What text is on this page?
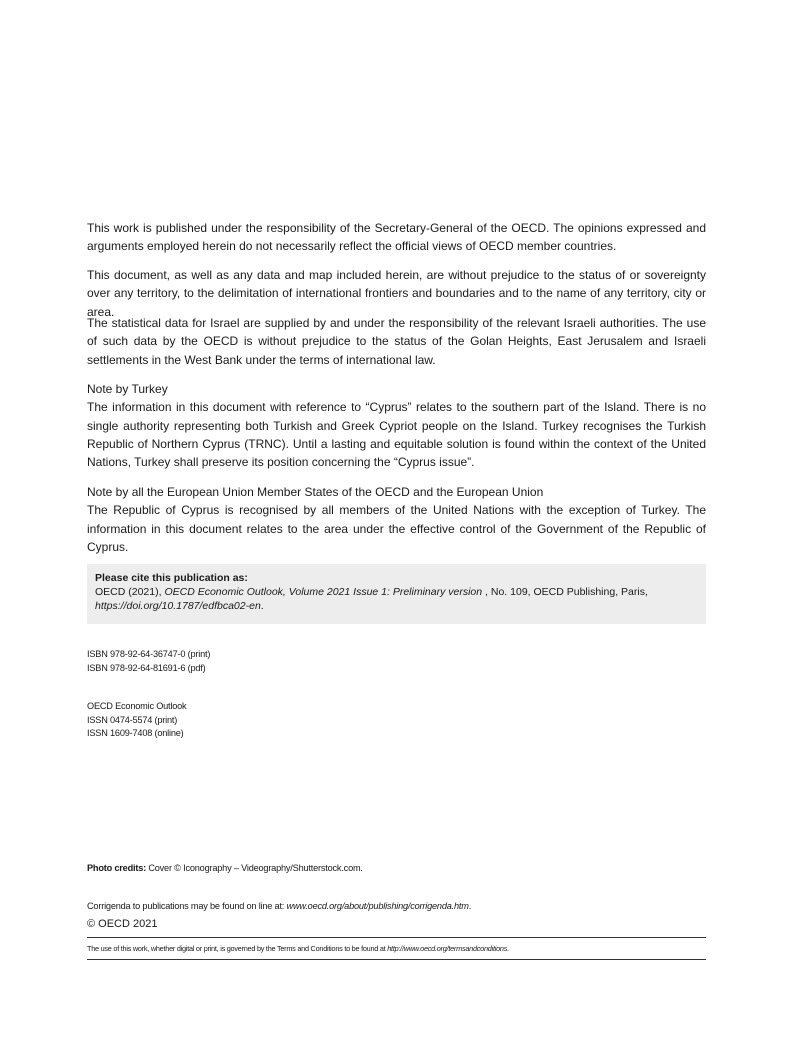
This work is published under the responsibility of the Secretary-General of the OECD. The opinions expressed and arguments employed herein do not necessarily reflect the official views of OECD member countries.

This document, as well as any data and map included herein, are without prejudice to the status of or sovereignty over any territory, to the delimitation of international frontiers and boundaries and to the name of any territory, city or area.

The statistical data for Israel are supplied by and under the responsibility of the relevant Israeli authorities. The use of such data by the OECD is without prejudice to the status of the Golan Heights, East Jerusalem and Israeli settlements in the West Bank under the terms of international law.

Note by Turkey
The information in this document with reference to “Cyprus” relates to the southern part of the Island. There is no single authority representing both Turkish and Greek Cypriot people on the Island. Turkey recognises the Turkish Republic of Northern Cyprus (TRNC). Until a lasting and equitable solution is found within the context of the United Nations, Turkey shall preserve its position concerning the “Cyprus issue”.
Note by all the European Union Member States of the OECD and the European Union
The Republic of Cyprus is recognised by all members of the United Nations with the exception of Turkey. The information in this document relates to the area under the effective control of the Government of the Republic of Cyprus.
Please cite this publication as:
OECD (2021), OECD Economic Outlook, Volume 2021 Issue 1: Preliminary version , No. 109, OECD Publishing, Paris,
https://doi.org/10.1787/edfbca02-en.
ISBN 978-92-64-36747-0 (print)
ISBN 978-92-64-81691-6 (pdf)
OECD Economic Outlook
ISSN 0474-5574 (print)
ISSN 1609-7408 (online)
Photo credits: Cover © Iconography – Videography/Shutterstock.com.
Corrigenda to publications may be found on line at: www.oecd.org/about/publishing/corrigenda.htm.
© OECD 2021
The use of this work, whether digital or print, is governed by the Terms and Conditions to be found at http://www.oecd.org/termsandconditions.
